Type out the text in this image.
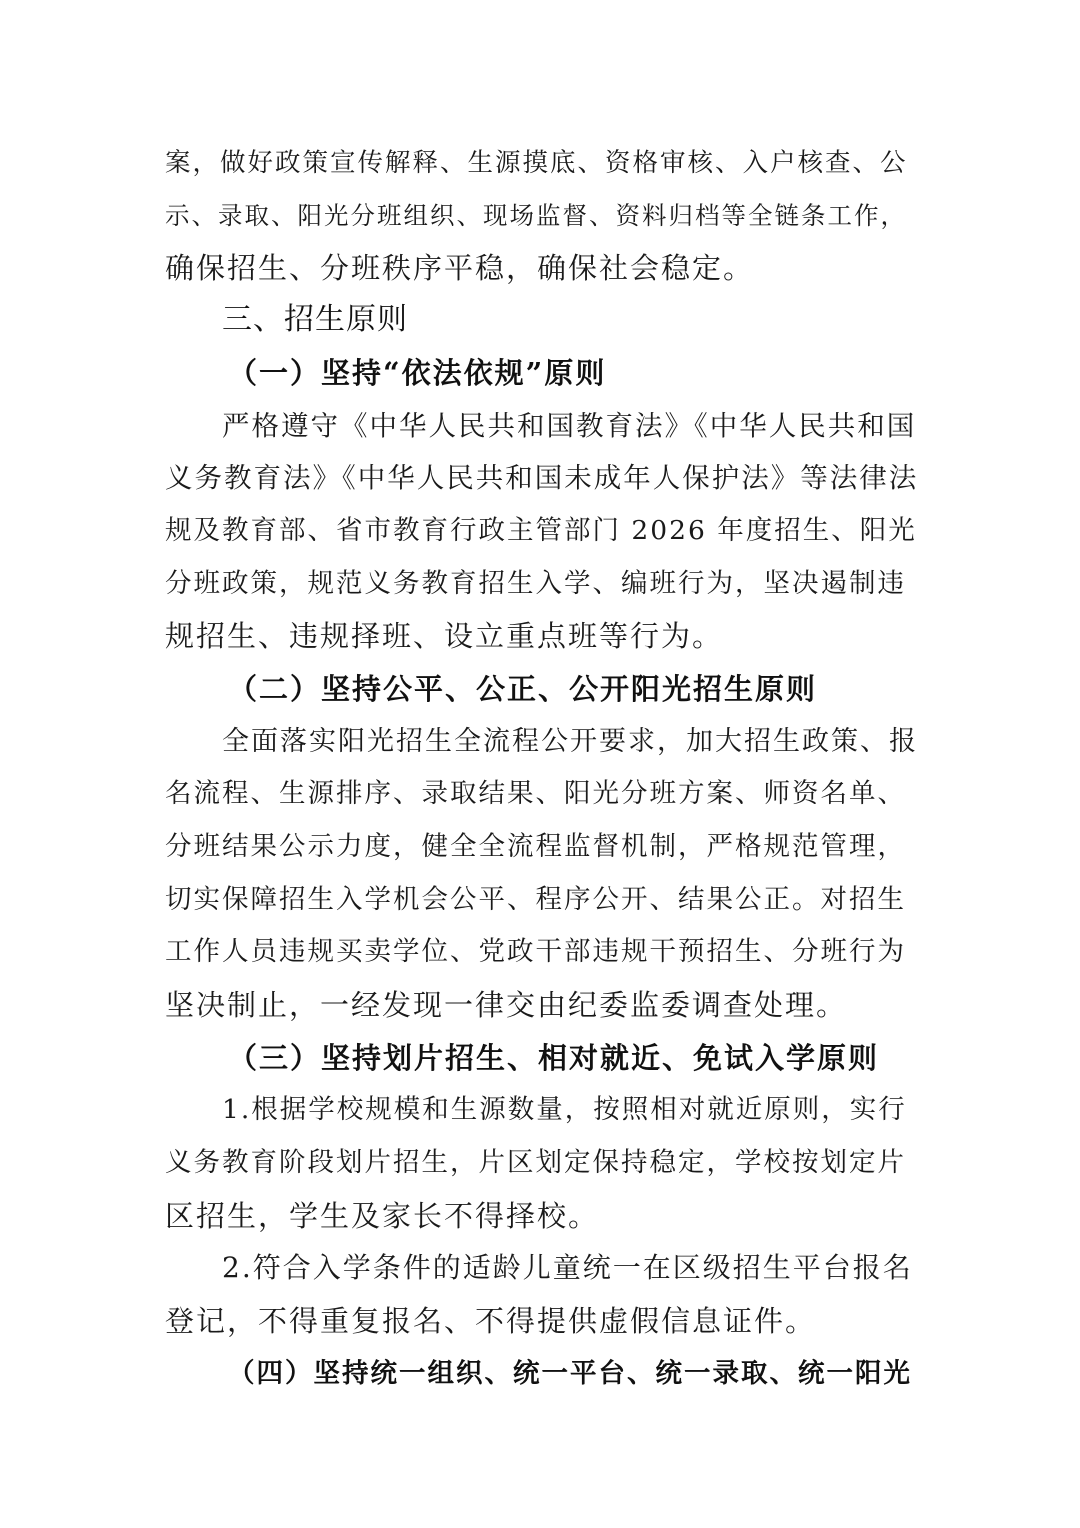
案，做好政策宣传解释、生源摸底、资格审核、入户核查、公
示、录取、阳光分班组织、现场监督、资料归档等全链条工作，
确保招生、分班秩序平稳，确保社会稳定。
三、招生原则
（一）坚持“依法依规”原则
严格遵守《中华人民共和国教育法》《中华人民共和国
义务教育法》《中华人民共和国未成年人保护法》等法律法
规及教育部、省市教育行政主管部门 2026 年度招生、阳光
分班政策，规范义务教育招生入学、编班行为，坚决遏制违
规招生、违规择班、设立重点班等行为。
（二）坚持公平、公正、公开阳光招生原则
全面落实阳光招生全流程公开要求，加大招生政策、报
名流程、生源排序、录取结果、阳光分班方案、师资名单、
分班结果公示力度，健全全流程监督机制，严格规范管理，
切实保障招生入学机会公平、程序公开、结果公正。对招生
工作人员违规买卖学位、党政干部违规干预招生、分班行为
坚决制止，一经发现一律交由纪委监委调查处理。
（三）坚持划片招生、相对就近、免试入学原则
1.根据学校规模和生源数量，按照相对就近原则，实行
义务教育阶段划片招生，片区划定保持稳定，学校按划定片
区招生，学生及家长不得择校。
2.符合入学条件的适龄儿童统一在区级招生平台报名
登记，不得重复报名、不得提供虚假信息证件。
（四）坚持统一组织、统一平台、统一录取、统一阳光
